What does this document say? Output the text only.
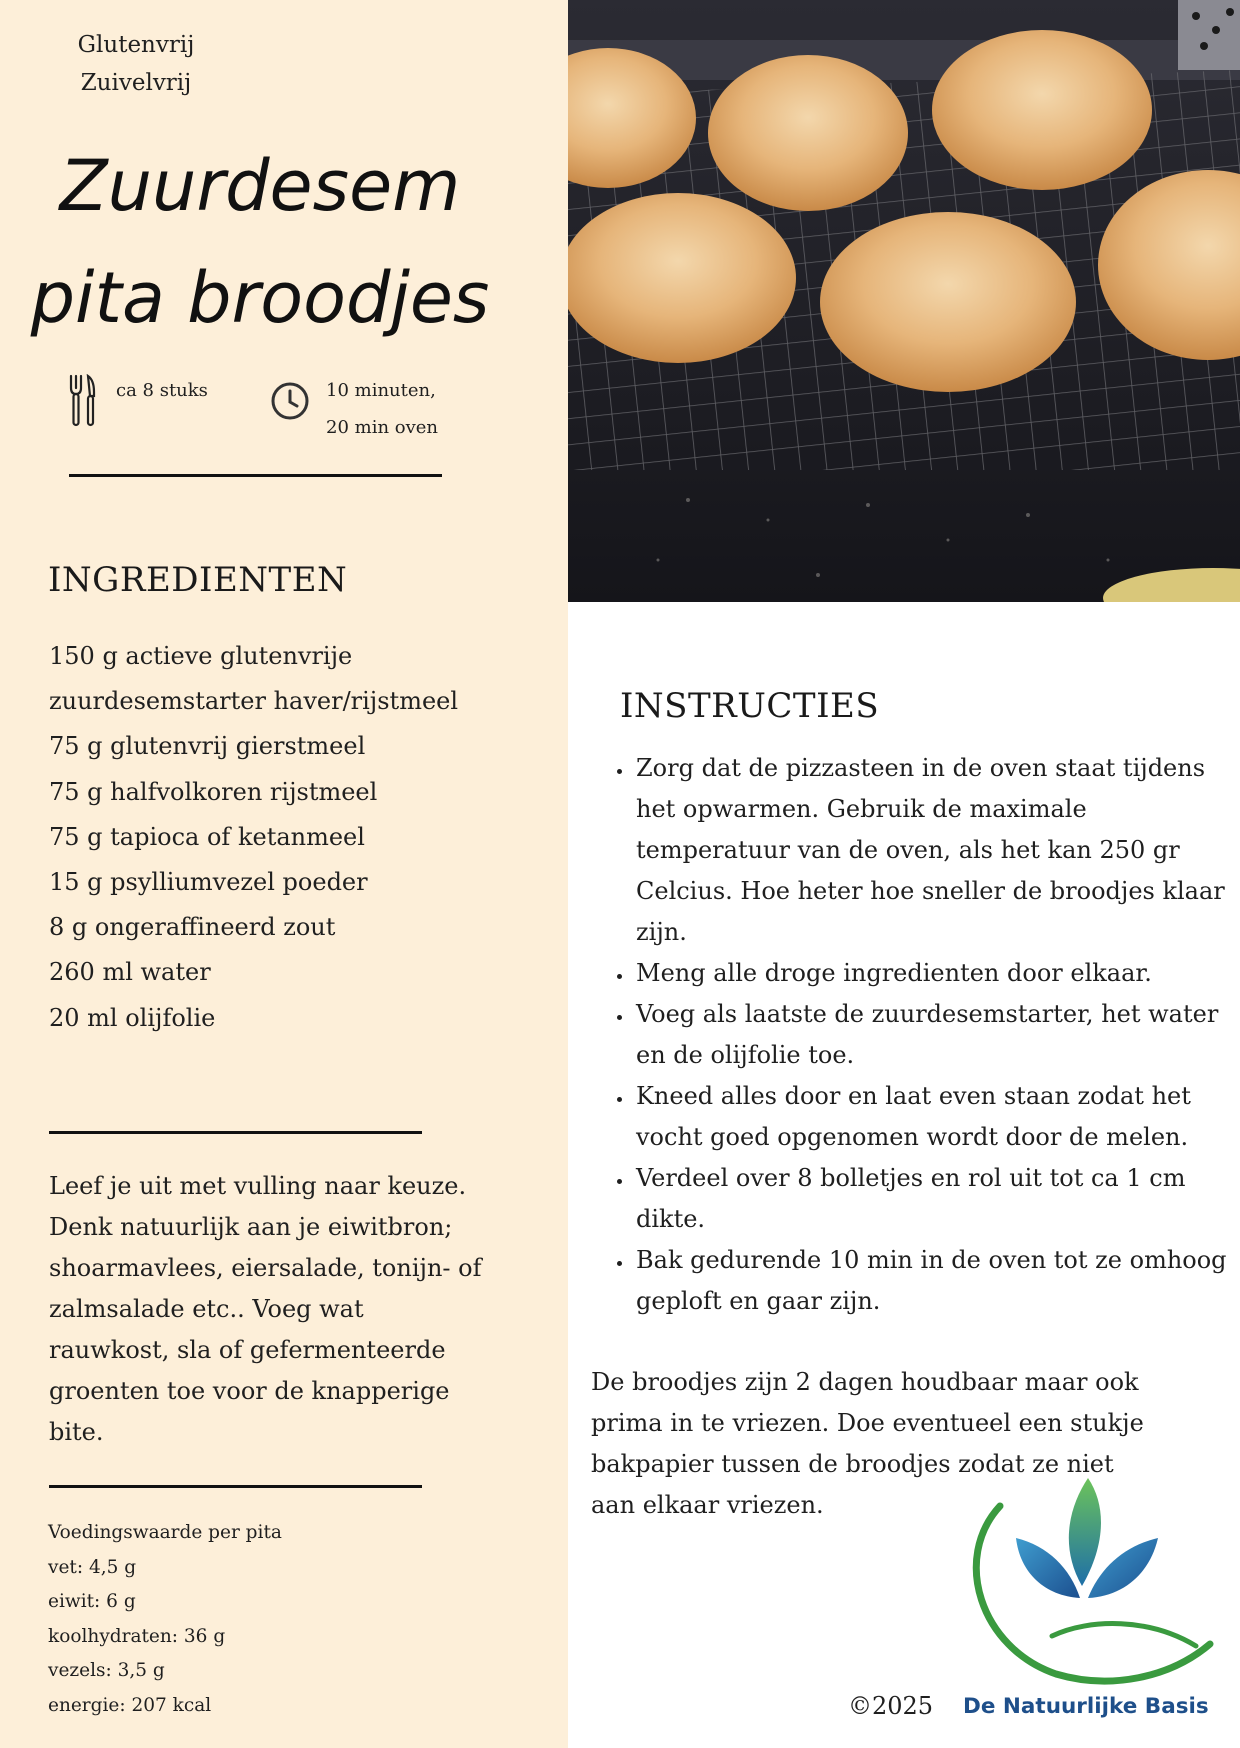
Glutenvrij
Zuivelvrij
Zuurdesem
pita broodjes
ca 8 stuks	10 minuten,
20 min oven
INGREDIENTEN
150 g actieve glutenvrije
zuurdesemstarter haver/rijstmeel
75 g glutenvrij gierstmeel
75 g halfvolkoren rijstmeel
75 g tapioca of ketanmeel
15 g psylliumvezel poeder
8 g ongeraffineerd zout
260 ml water
20 ml olijfolie

Leef je uit met vulling naar keuze. Denk natuurlijk aan je eiwitbron; shoarmavlees, eiersalade, tonijn- of zalmsalade etc.. Voeg wat rauwkost, sla of gefermenteerde groenten toe voor de knapperige bite.

Voedingswaarde per pita
vet: 4,5 g
eiwit: 6 g
koolhydraten: 36 g
vezels: 3,5 g
energie: 207 kcal
INSTRUCTIES
• Zorg dat de pizzasteen in de oven staat tijdens het opwarmen. Gebruik de maximale temperatuur van de oven, als het kan 250 gr Celcius. Hoe heter hoe sneller de broodjes klaar zijn.
• Meng alle droge ingredienten door elkaar.
• Voeg als laatste de zuurdesemstarter, het water en de olijfolie toe.
• Kneed alles door en laat even staan zodat het vocht goed opgenomen wordt door de melen.
• Verdeel over 8 bolletjes en rol uit tot ca 1 cm dikte.
• Bak gedurende 10 min in de oven tot ze omhoog geploft en gaar zijn.

De broodjes zijn 2 dagen houdbaar maar ook prima in te vriezen. Doe eventueel een stukje bakpapier tussen de broodjes zodat ze niet aan elkaar vriezen.

©2025 De Natuurlijke Basis
